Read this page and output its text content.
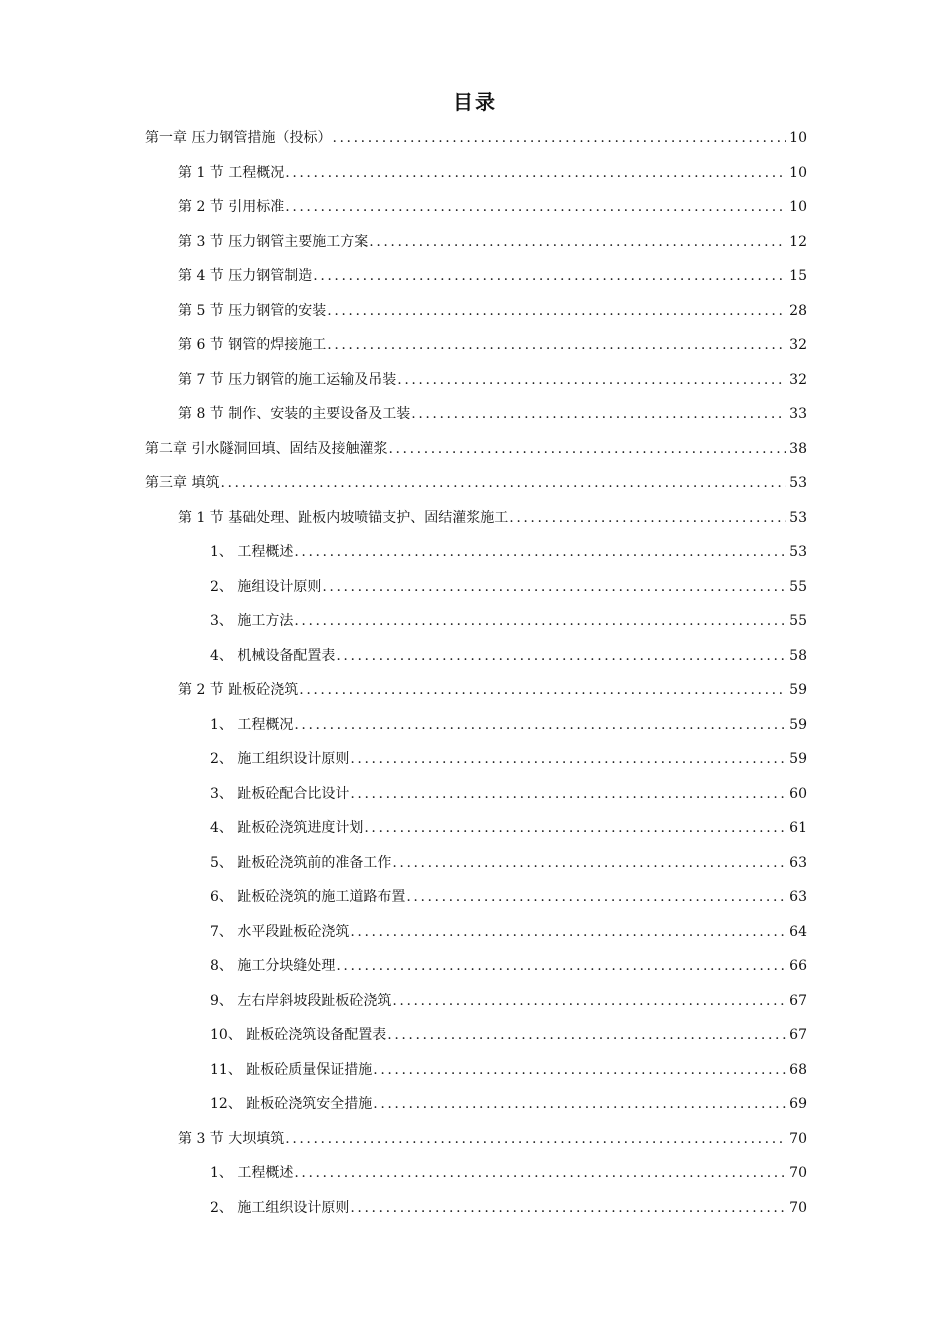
目录
第一章 压力钢管措施（投标） .....	10
第 1 节 工程概况 .....	10
第 2 节 引用标准 .....	10
第 3 节 压力钢管主要施工方案 .....	12
第 4 节 压力钢管制造 .....	15
第 5 节 压力钢管的安装 .....	28
第 6 节 钢管的焊接施工 .....	32
第 7 节 压力钢管的施工运输及吊装 .....	32
第 8 节 制作、安装的主要设备及工装 .....	33
第二章 引水隧洞回填、固结及接触灌浆 .....	38
第三章 填筑 .....	53
第 1 节 基础处理、趾板内坡喷锚支护、固结灌浆施工 .....	53
1、 工程概述 .....	53
2、 施组设计原则 .....	55
3、 施工方法 .....	55
4、 机械设备配置表 .....	58
第 2 节 趾板砼浇筑 .....	59
1、 工程概况 .....	59
2、 施工组织设计原则 .....	59
3、 趾板砼配合比设计 .....	60
4、 趾板砼浇筑进度计划 .....	61
5、 趾板砼浇筑前的准备工作 .....	63
6、 趾板砼浇筑的施工道路布置 .....	63
7、 水平段趾板砼浇筑 .....	64
8、 施工分块缝处理 .....	66
9、 左右岸斜坡段趾板砼浇筑 .....	67
10、 趾板砼浇筑设备配置表 .....	67
11、 趾板砼质量保证措施 .....	68
12、 趾板砼浇筑安全措施 .....	69
第 3 节 大坝填筑 .....	70
1、 工程概述 .....	70
2、 施工组织设计原则 .....	70
